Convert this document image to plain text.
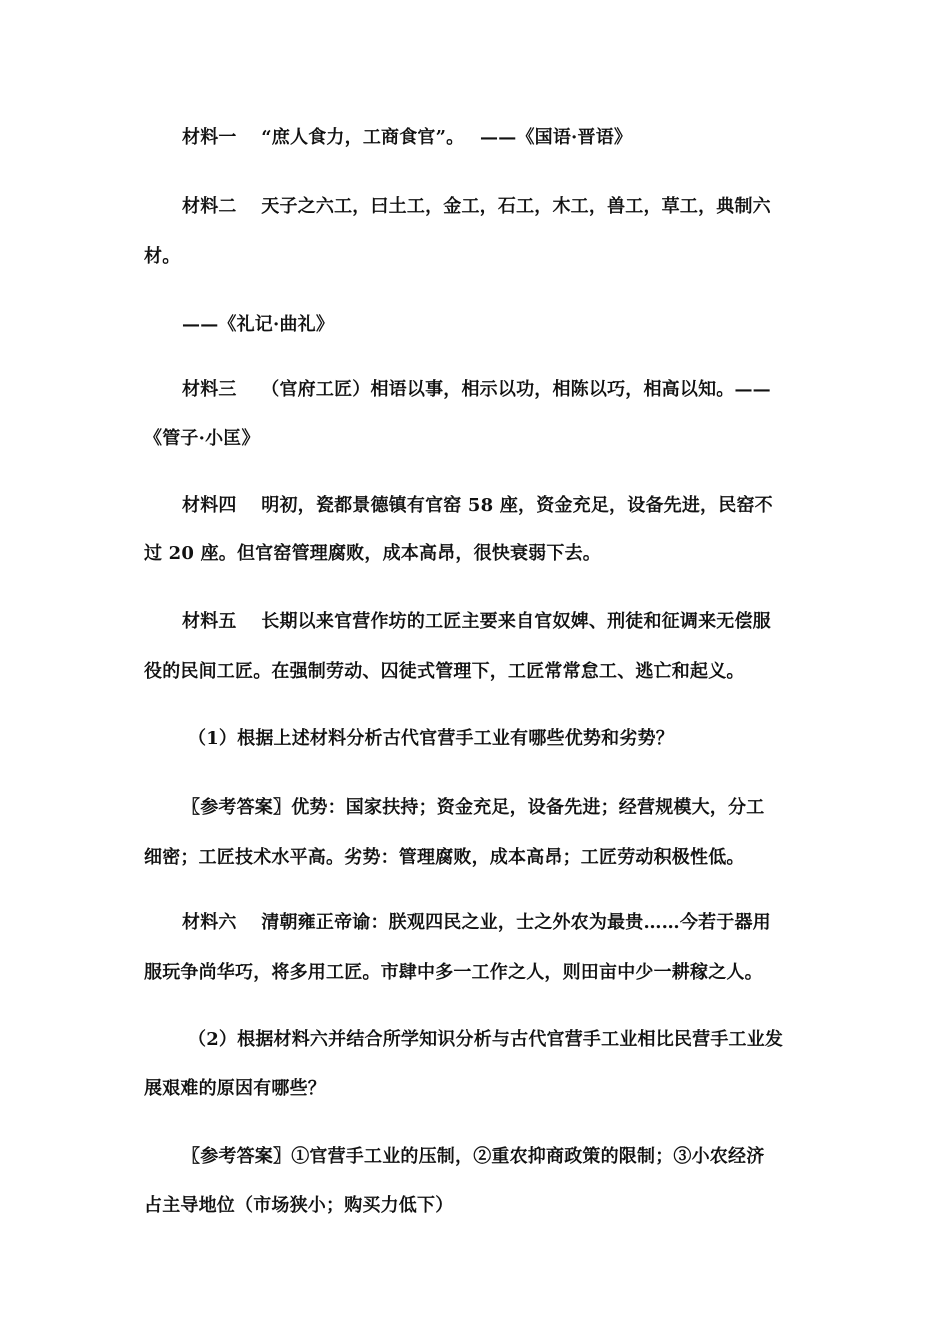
材料一　 “庶人食力，工商食官”。　 ——《国语·晋语》
材料二　 天子之六工，曰土工，金工，石工，木工，兽工，草工，典制六
材。
——《礼记·曲礼》
材料三　 （官府工匠）相语以事，相示以功，相陈以巧，相高以知。——
《管子·小匡》
材料四　 明初，瓷都景德镇有官窑 58 座，资金充足，设备先进，民窑不
过 20 座。但官窑管理腐败，成本高昂，很快衰弱下去。
材料五　 长期以来官营作坊的工匠主要来自官奴婢、刑徒和征调来无偿服
役的民间工匠。在强制劳动、囚徒式管理下，工匠常常怠工、逃亡和起义。
（1）根据上述材料分析古代官营手工业有哪些优势和劣势？
〖参考答案〗优势：国家扶持；资金充足，设备先进；经营规模大，分工
细密；工匠技术水平高。劣势：管理腐败，成本高昂；工匠劳动积极性低。
材料六　 清朝雍正帝谕：朕观四民之业，士之外农为最贵……今若于器用
服玩争尚华巧，将多用工匠。市肆中多一工作之人，则田亩中少一耕稼之人。
（2）根据材料六并结合所学知识分析与古代官营手工业相比民营手工业发
展艰难的原因有哪些？
〖参考答案〗①官营手工业的压制，②重农抑商政策的限制；③小农经济
占主导地位（市场狭小；购买力低下）
